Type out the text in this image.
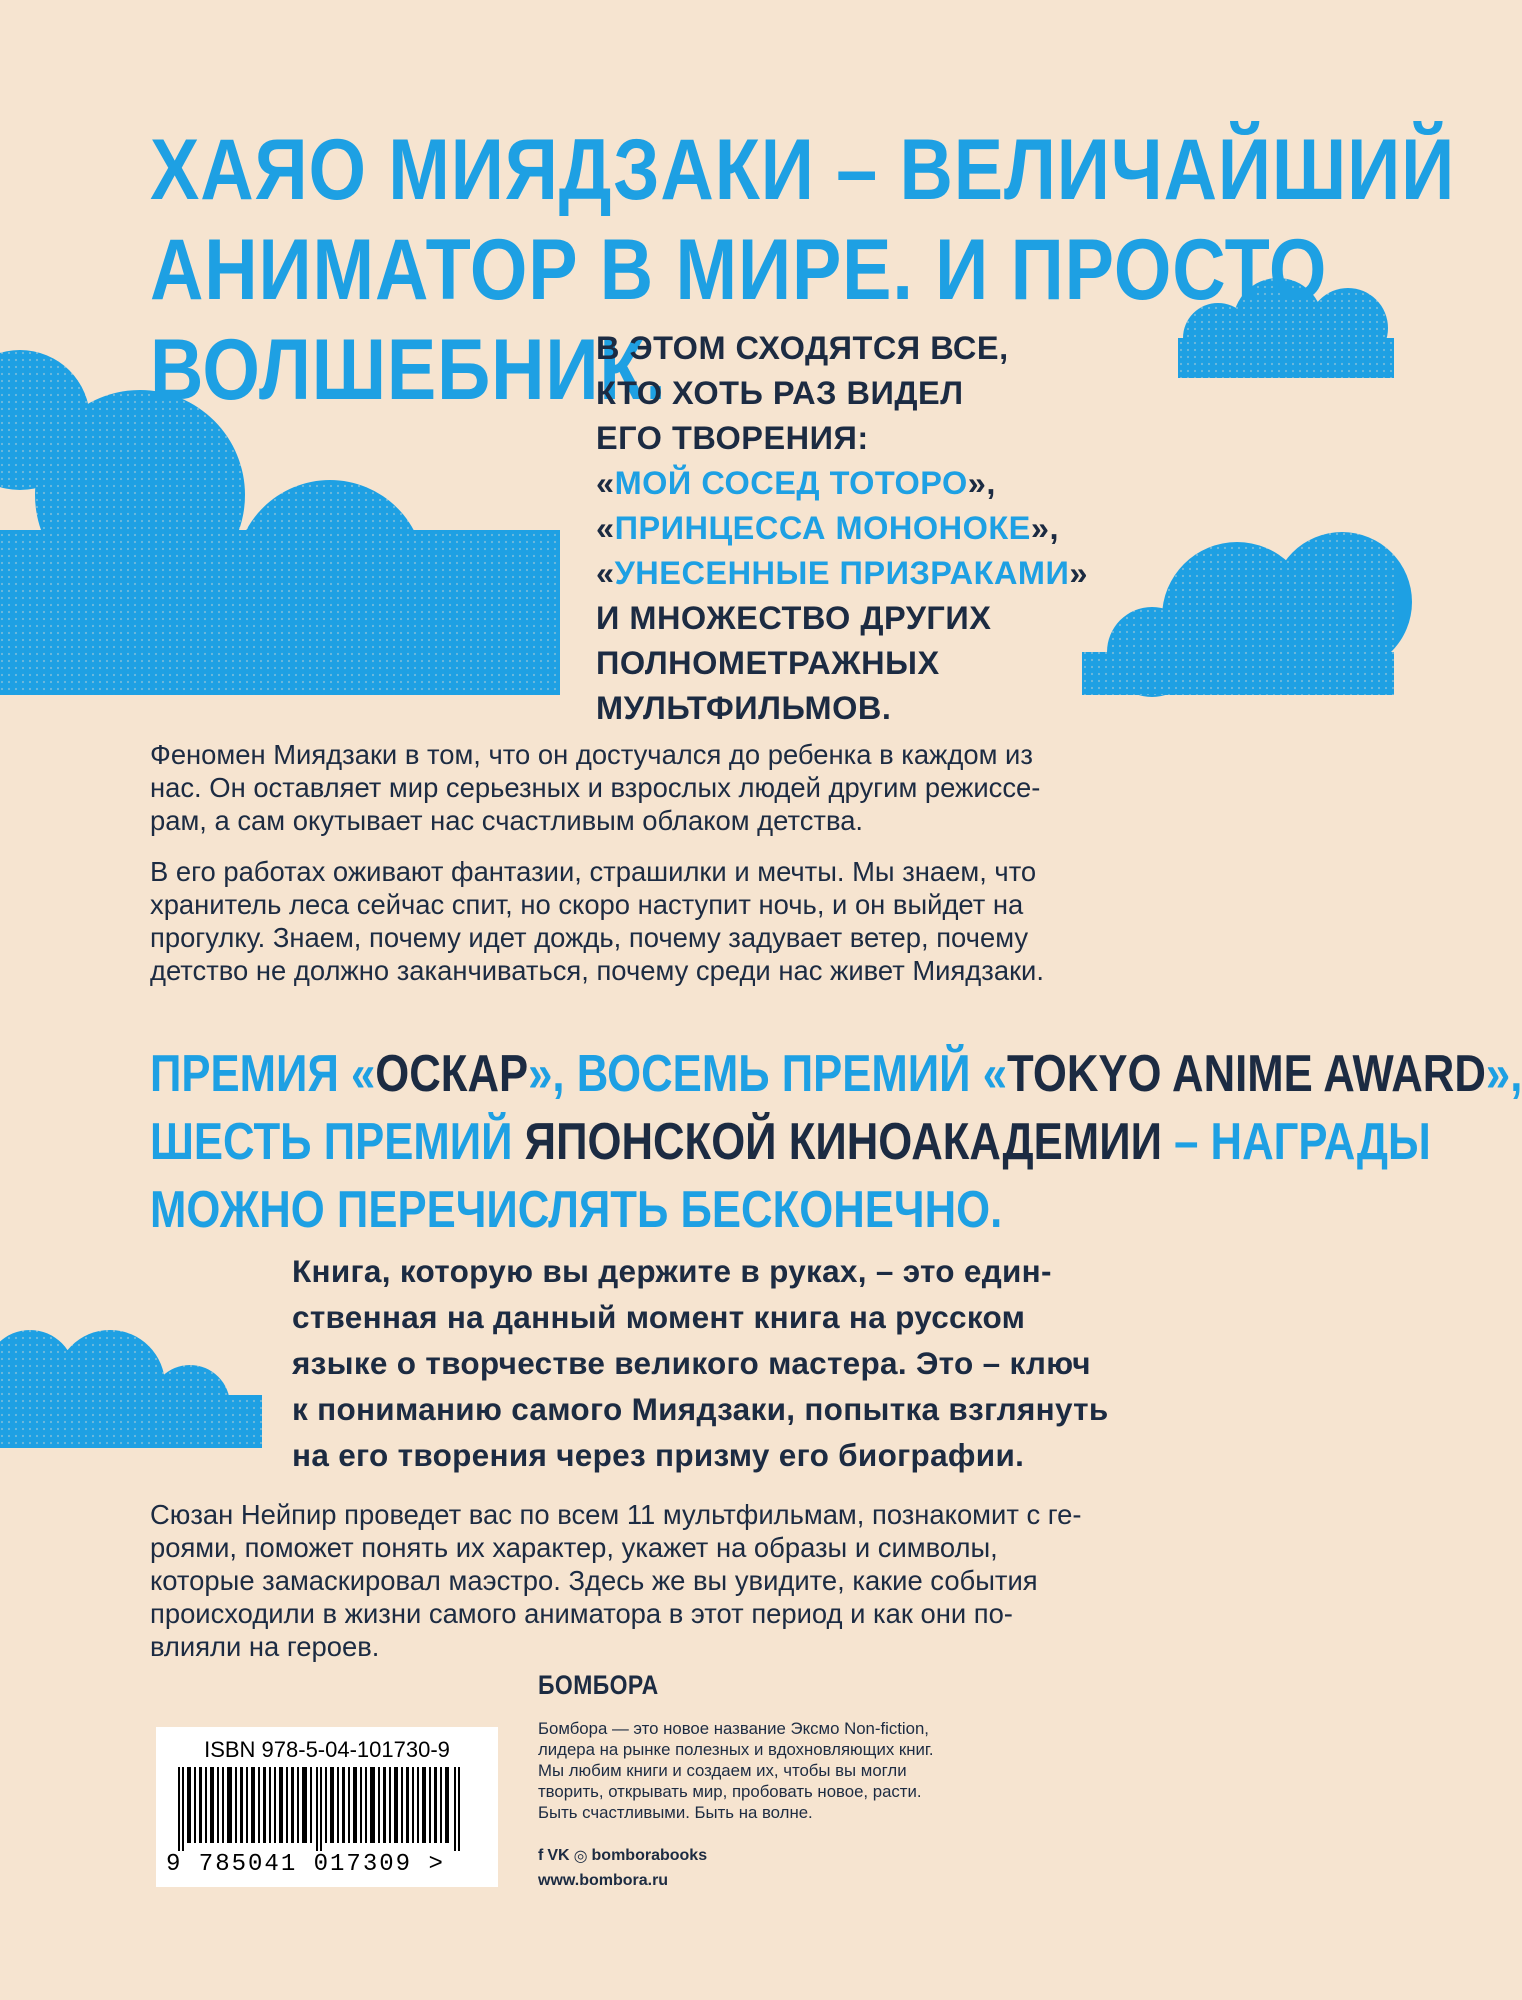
ХАЯО МИЯДЗАКИ – ВЕЛИЧАЙШИЙ
АНИМАТОР В МИРЕ. И ПРОСТО
ВОЛШЕБНИК.
В ЭТОМ СХОДЯТСЯ ВСЕ,
КТО ХОТЬ РАЗ ВИДЕЛ
ЕГО ТВОРЕНИЯ:
«МОЙ СОСЕД ТОТОРО»,
«ПРИНЦЕССА МОНОНОКЕ»,
«УНЕСЕННЫЕ ПРИЗРАКАМИ»
И МНОЖЕСТВО ДРУГИХ
ПОЛНОМЕТРАЖНЫХ
МУЛЬТФИЛЬМОВ.
Феномен Миядзаки в том, что он достучался до ребенка в каждом из
нас. Он оставляет мир серьезных и взрослых людей другим режиссе-
рам, а сам окутывает нас счастливым облаком детства.
В его работах оживают фантазии, страшилки и мечты. Мы знаем, что
хранитель леса сейчас спит, но скоро наступит ночь, и он выйдет на
прогулку. Знаем, почему идет дождь, почему задувает ветер, почему
детство не должно заканчиваться, почему среди нас живет Миядзаки.
ПРЕМИЯ «ОСКАР», ВОСЕМЬ ПРЕМИЙ «TOKYO ANIME AWARD»,
ШЕСТЬ ПРЕМИЙ ЯПОНСКОЙ КИНОАКАДЕМИИ – НАГРАДЫ
МОЖНО ПЕРЕЧИСЛЯТЬ БЕСКОНЕЧНО.
Книга, которую вы держите в руках, – это един-
ственная на данный момент книга на русском
языке о творчестве великого мастера. Это – ключ
к пониманию самого Миядзаки, попытка взглянуть
на его творения через призму его биографии.
Сюзан Нейпир проведет вас по всем 11 мультфильмам, познакомит с ге-
роями, поможет понять их характер, укажет на образы и символы,
которые замаскировал маэстро. Здесь же вы увидите, какие события
происходили в жизни самого аниматора в этот период и как они по-
влияли на героев.
ISBN 978-5-04-101730-9
9 785041 017309 >
БОМБОРА
Бомбора — это новое название Эксмо Non-fiction,
лидера на рынке полезных и вдохновляющих книг.
Мы любим книги и создаем их, чтобы вы могли
творить, открывать мир, пробовать новое, расти.
Быть счастливыми. Быть на волне.
f VK ◎ bomborabooks
www.bombora.ru
